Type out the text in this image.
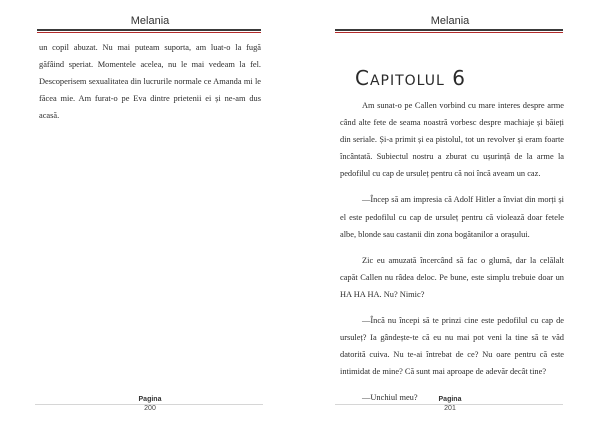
Melania

un copil abuzat. Nu mai puteam suporta, am luat-o la fugă găfâind speriat. Momentele acelea, nu le mai vedeam la fel. Descoperisem sexualitatea din lucrurile normale ce Amanda mi le făcea mie. Am furat-o pe Eva dintre prietenii ei și ne-am dus acasă.

Pagina
200
Melania
Capitolul 6

Am sunat-o pe Callen vorbind cu mare interes despre arme când alte fete de seama noastră vorbesc despre machiaje și băieți din seriale. Și-a primit și ea pistolul, tot un revolver și eram foarte încântată. Subiectul nostru a zburat cu ușurință de la arme la pedofilul cu cap de ursuleț pentru că noi încă aveam un caz.

—Încep să am impresia că Adolf Hitler a înviat din morți și el este pedofilul cu cap de ursuleț pentru că violează doar fetele albe, blonde sau castanii din zona bogătanilor a orașului.

Zic eu amuzată încercând să fac o glumă, dar la celălalt capăt Callen nu râdea deloc. Pe bune, este simplu trebuie doar un HA HA HA. Nu? Nimic?

—Încă nu începi să te prinzi cine este pedofilul cu cap de ursuleț? Ia gândește-te că eu nu mai pot veni la tine să te văd datorită cuiva. Nu te-ai întrebat de ce? Nu oare pentru că este intimidat de mine? Că sunt mai aproape de adevăr decât tine?

—Unchiul meu?	Pagina
201
